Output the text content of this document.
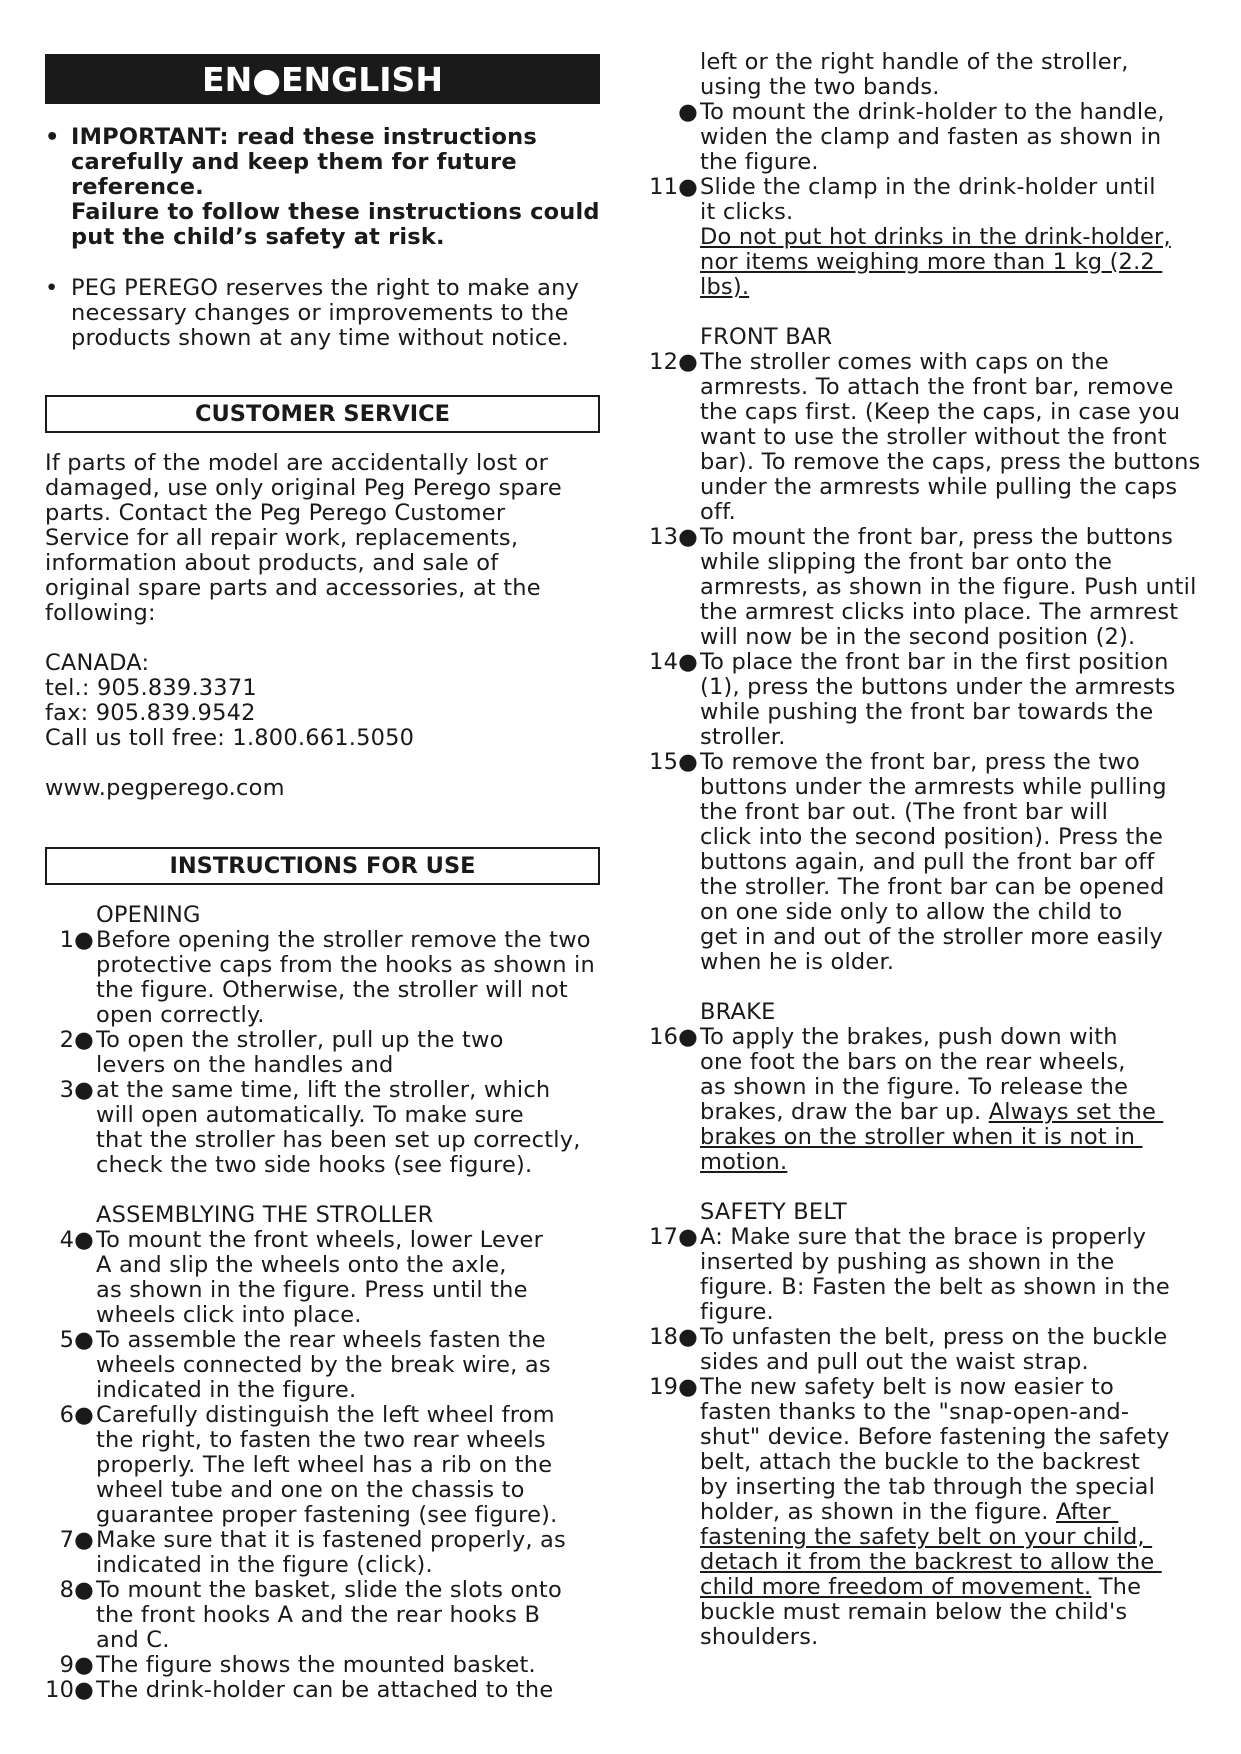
EN●ENGLISH
• IMPORTANT: read these instructions
carefully and keep them for future
reference.
Failure to follow these instructions could
put the child’s safety at risk.
• PEG PEREGO reserves the right to make any
necessary changes or improvements to the
products shown at any time without notice.
CUSTOMER SERVICE
If parts of the model are accidentally lost or
damaged, use only original Peg Perego spare
parts. Contact the Peg Perego Customer
Service for all repair work, replacements,
information about products, and sale of
original spare parts and accessories, at the
following:
CANADA:
tel.: 905.839.3371
fax: 905.839.9542
Call us toll free: 1.800.661.5050
www.pegperego.com
INSTRUCTIONS FOR USE
OPENING
1● Before opening the stroller remove the two
protective caps from the hooks as shown in
the figure. Otherwise, the stroller will not
open correctly.
2● To open the stroller, pull up the two
levers on the handles and
3● at the same time, lift the stroller, which
will open automatically. To make sure
that the stroller has been set up correctly,
check the two side hooks (see figure).
ASSEMBLYING THE STROLLER
4● To mount the front wheels, lower Lever
A and slip the wheels onto the axle,
as shown in the figure. Press until the
wheels click into place.
5● To assemble the rear wheels fasten the
wheels connected by the break wire, as
indicated in the figure.
6● Carefully distinguish the left wheel from
the right, to fasten the two rear wheels
properly. The left wheel has a rib on the
wheel tube and one on the chassis to
guarantee proper fastening (see figure).
7● Make sure that it is fastened properly, as
indicated in the figure (click).
8● To mount the basket, slide the slots onto
the front hooks A and the rear hooks B
and C.
9● The figure shows the mounted basket.
10● The drink-holder can be attached to the
left or the right handle of the stroller,
using the two bands.
● To mount the drink-holder to the handle,
widen the clamp and fasten as shown in
the figure.
11● Slide the clamp in the drink-holder until
it clicks.
Do not put hot drinks in the drink-holder,
nor items weighing more than 1 kg (2.2
lbs).
FRONT BAR
12● The stroller comes with caps on the
armrests. To attach the front bar, remove
the caps first. (Keep the caps, in case you
want to use the stroller without the front
bar). To remove the caps, press the buttons
under the armrests while pulling the caps
off.
13● To mount the front bar, press the buttons
while slipping the front bar onto the
armrests, as shown in the figure. Push until
the armrest clicks into place. The armrest
will now be in the second position (2).
14● To place the front bar in the first position
(1), press the buttons under the armrests
while pushing the front bar towards the
stroller.
15● To remove the front bar, press the two
buttons under the armrests while pulling
the front bar out. (The front bar will
click into the second position). Press the
buttons again, and pull the front bar off
the stroller. The front bar can be opened
on one side only to allow the child to
get in and out of the stroller more easily
when he is older.
BRAKE
16● To apply the brakes, push down with
one foot the bars on the rear wheels,
as shown in the figure. To release the
brakes, draw the bar up. Always set the
brakes on the stroller when it is not in
motion.
SAFETY BELT
17● A: Make sure that the brace is properly
inserted by pushing as shown in the
figure. B: Fasten the belt as shown in the
figure.
18● To unfasten the belt, press on the buckle
sides and pull out the waist strap.
19● The new safety belt is now easier to
fasten thanks to the "snap-open-and-
shut" device. Before fastening the safety
belt, attach the buckle to the backrest
by inserting the tab through the special
holder, as shown in the figure. After
fastening the safety belt on your child,
detach it from the backrest to allow the
child more freedom of movement. The
buckle must remain below the child's
shoulders.
